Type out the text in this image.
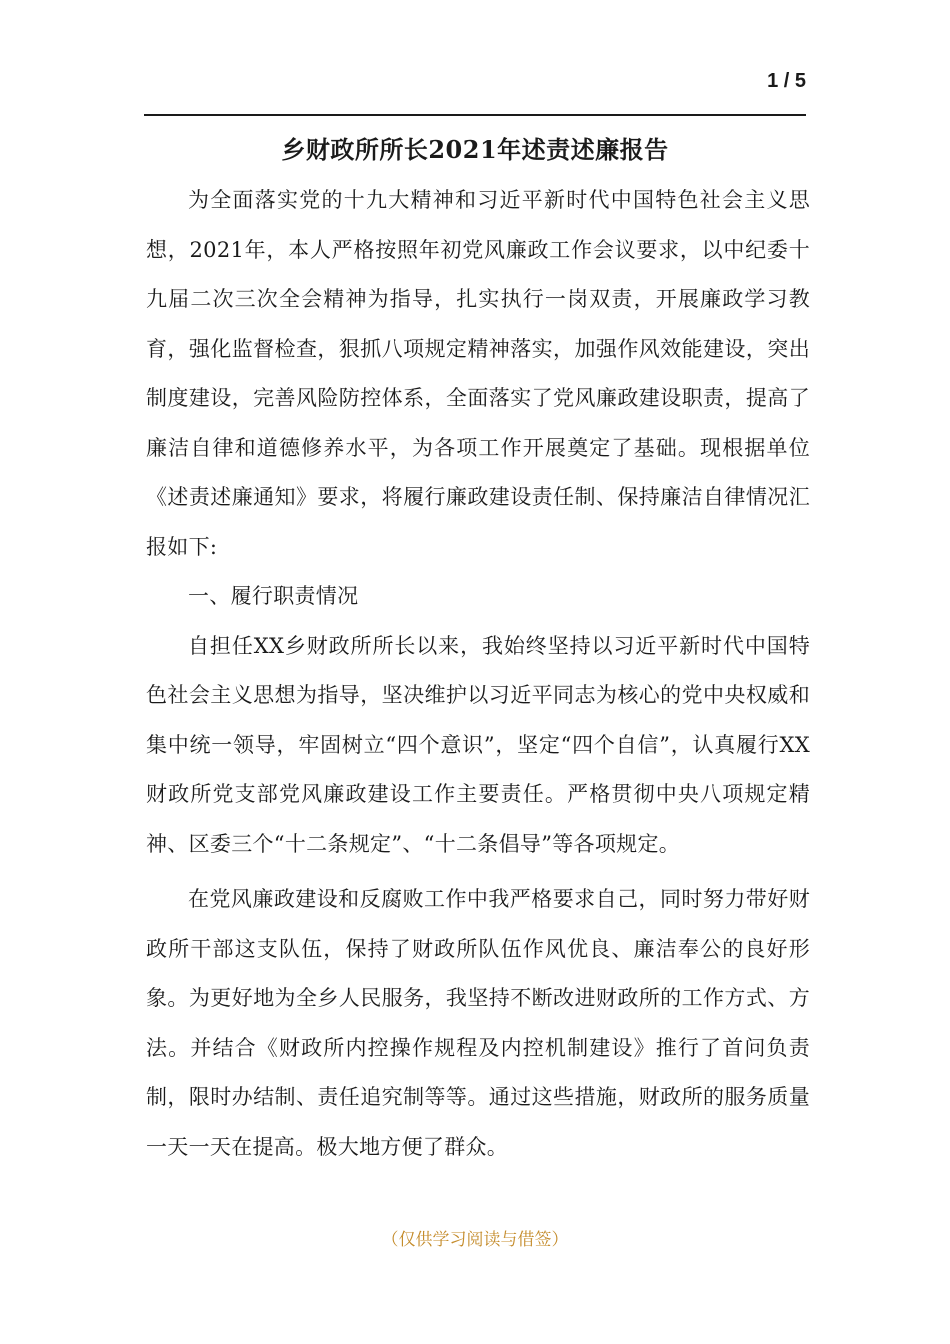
1 / 5
乡财政所所长2021年述责述廉报告

为全面落实党的十九大精神和习近平新时代中国特色社会主义思想，2021年，本人严格按照年初党风廉政工作会议要求，以中纪委十九届二次三次全会精神为指导，扎实执行一岗双责，开展廉政学习教育，强化监督检查，狠抓八项规定精神落实，加强作风效能建设，突出制度建设，完善风险防控体系，全面落实了党风廉政建设职责，提高了廉洁自律和道德修养水平，为各项工作开展奠定了基础。现根据单位《述责述廉通知》要求，将履行廉政建设责任制、保持廉洁自律情况汇报如下:

一、履行职责情况

自担任XX乡财政所所长以来，我始终坚持以习近平新时代中国特色社会主义思想为指导，坚决维护以习近平同志为核心的党中央权威和集中统一领导，牢固树立“四个意识”，坚定“四个自信”，认真履行XX财政所党支部党风廉政建设工作主要责任。严格贯彻中央八项规定精神、区委三个“十二条规定”、“十二条倡导”等各项规定。

在党风廉政建设和反腐败工作中我严格要求自己，同时努力带好财政所干部这支队伍，保持了财政所队伍作风优良、廉洁奉公的良好形象。为更好地为全乡人民服务，我坚持不断改进财政所的工作方式、方法。并结合《财政所内控操作规程及内控机制建设》推行了首问负责制，限时办结制、责任追究制等等。通过这些措施，财政所的服务质量一天一天在提高。极大地方便了群众。

（仅供学习阅读与借签）
